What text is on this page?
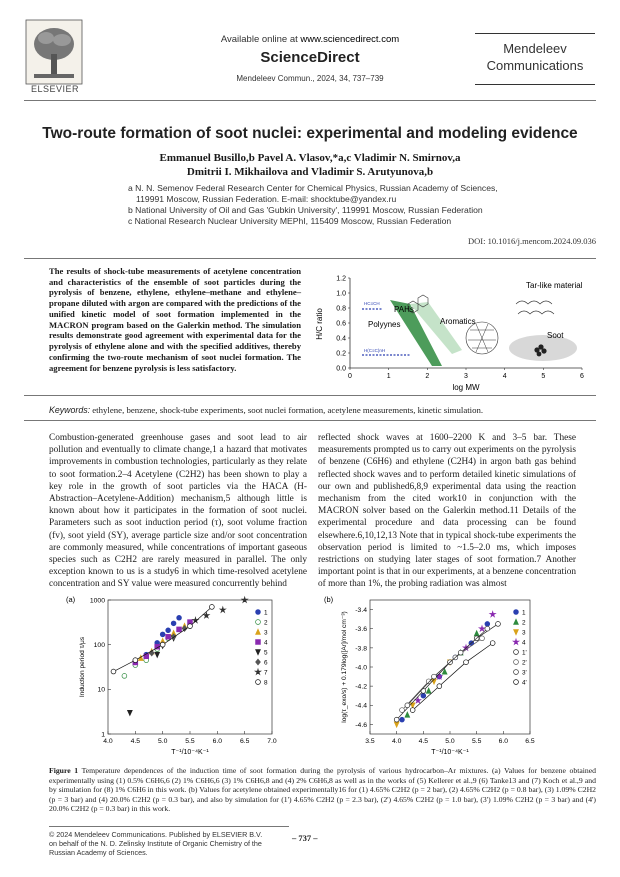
ELSEVIER
Available online at www.sciencedirect.com
ScienceDirect
Mendeleev Commun., 2024, 34, 737–739
Mendeleev
Communications
Two-route formation of soot nuclei: experimental and modeling evidence
Emmanuel Busillo,b Pavel A. Vlasov,*a,c Vladimir N. Smirnov,a
Dmitrii I. Mikhailova and Vladimir S. Arutyunova,b
a N. N. Semenov Federal Research Center for Chemical Physics, Russian Academy of Sciences,
119991 Moscow, Russian Federation. E-mail: shocktube@yandex.ru
b National University of Oil and Gas 'Gubkin University', 119991 Moscow, Russian Federation
c National Research Nuclear University MEPhI, 115409 Moscow, Russian Federation
DOI: 10.1016/j.mencom.2024.09.036
The results of shock-tube measurements of acetylene concentration and characteristics of the ensemble of soot particles during the pyrolysis of benzene, ethylene, ethylene–methane and ethylene–propane diluted with argon are compared with the predictions of the unified kinetic model of soot formation implemented in the MACRON program based on the Galerkin method. The simulation results demonstrate good agreement with experimental data for the pyrolysis of ethylene alone and with the specified additives, thereby confirming the two-route mechanism of soot nuclei formation. The agreement for benzene pyrolysis is less satisfactory.
0	1	2	3	4	5	6
0.0
0.2
0.4
0.6
0.8
1.0
1.2
log MW
H/C ratio
HC≡CH
H(C≡C)nH
Polyynes
PAHs
Aromatics
Tar-like material
Soot
Keywords: ethylene, benzene, shock-tube experiments, soot nuclei formation, acetylene measurements, kinetic simulation.
Combustion-generated greenhouse gases and soot lead to air pollution and eventually to climate change,1 a hazard that motivates improvements in combustion technologies, particularly as they relate to soot formation.2–4 Acetylene (C2H2) has been shown to play a key role in the growth of soot particles via the HACA (H-Abstraction–Acetylene-Addition) mechanism,5 although little is known about how it participates in the formation of soot nuclei. Parameters such as soot induction period (τ), soot volume fraction (fv), soot yield (SY), average particle size and/or soot concentration are commonly measured, while concentrations of important gaseous species such as C2H2 are rarely measured in parallel. The only exception known to us is a study6 in which time-resolved acetylene concentration and SY value were measured concurrently behind
reflected shock waves at 1600–2200 K and 3–5 bar. These measurements prompted us to carry out experiments on the pyrolysis of benzene (C6H6) and ethylene (C2H4) in argon bath gas behind reflected shock waves and to perform detailed kinetic simulations of our own and published6,8,9 experimental data using the reaction mechanism from the cited work10 in conjunction with the MACRON solver based on the Galerkin method.11 Details of the experimental procedure and data processing can be found elsewhere.6,10,12,13 Note that in typical shock-tube experiments the observation period is limited to ~1.5–2.0 ms, which imposes restrictions on studying later stages of soot formation.7 Another important point is that in our experiments, at a benzene concentration of more than 1%, the probing radiation was almost
4.0	4.5	5.0	5.5	6.0	6.5	7.0
1
10
100
1000
(a)
T⁻¹/10⁻⁴K⁻¹
Induction period τ/μs
1
2
3
4
5
6
7
8
3.5	4.0	4.5	5.0	5.5	6.0	6.5
-3.4
-3.6
-3.8
-4.0
-4.2
-4.4
-4.6
(b)
T⁻¹/10⁻⁴K⁻¹
log(τ_exo/s) + 0.179log([Ar]/mol cm⁻³)	1
2
3
4
1'
2'
3'
4'
Figure 1 Temperature dependences of the induction time of soot formation during the pyrolysis of various hydrocarbon–Ar mixtures. (a) Values for benzene obtained experimentally using (1) 0.5% C6H6,6 (2) 1% C6H6,6 (3) 1% C6H6,8 and (4) 2% C6H6,8 as well as in the works of (5) Kellerer et al.,9 (6) Tanke13 and (7) Koch et al.,9 and by simulation for (8) 1% C6H6 in this work. (b) Values for acetylene obtained experimentally16 for (1) 4.65% C2H2 (p = 2 bar), (2) 4.65% C2H2 (p = 0.8 bar), (3) 1.09% C2H2 (p = 3 bar) and (4) 20.0% C2H2 (p = 0.3 bar), and also by simulation for (1') 4.65% C2H2 (p = 2.3 bar), (2') 4.65% C2H2 (p = 1.0 bar), (3') 1.09% C2H2 (p = 3 bar) and (4') 20.0% C2H2 (p = 0.3 bar) in this work.
© 2024 Mendeleev Communications. Published by ELSEVIER B.V.
on behalf of the N. D. Zelinsky Institute of Organic Chemistry of the
Russian Academy of Sciences.
– 737 –
